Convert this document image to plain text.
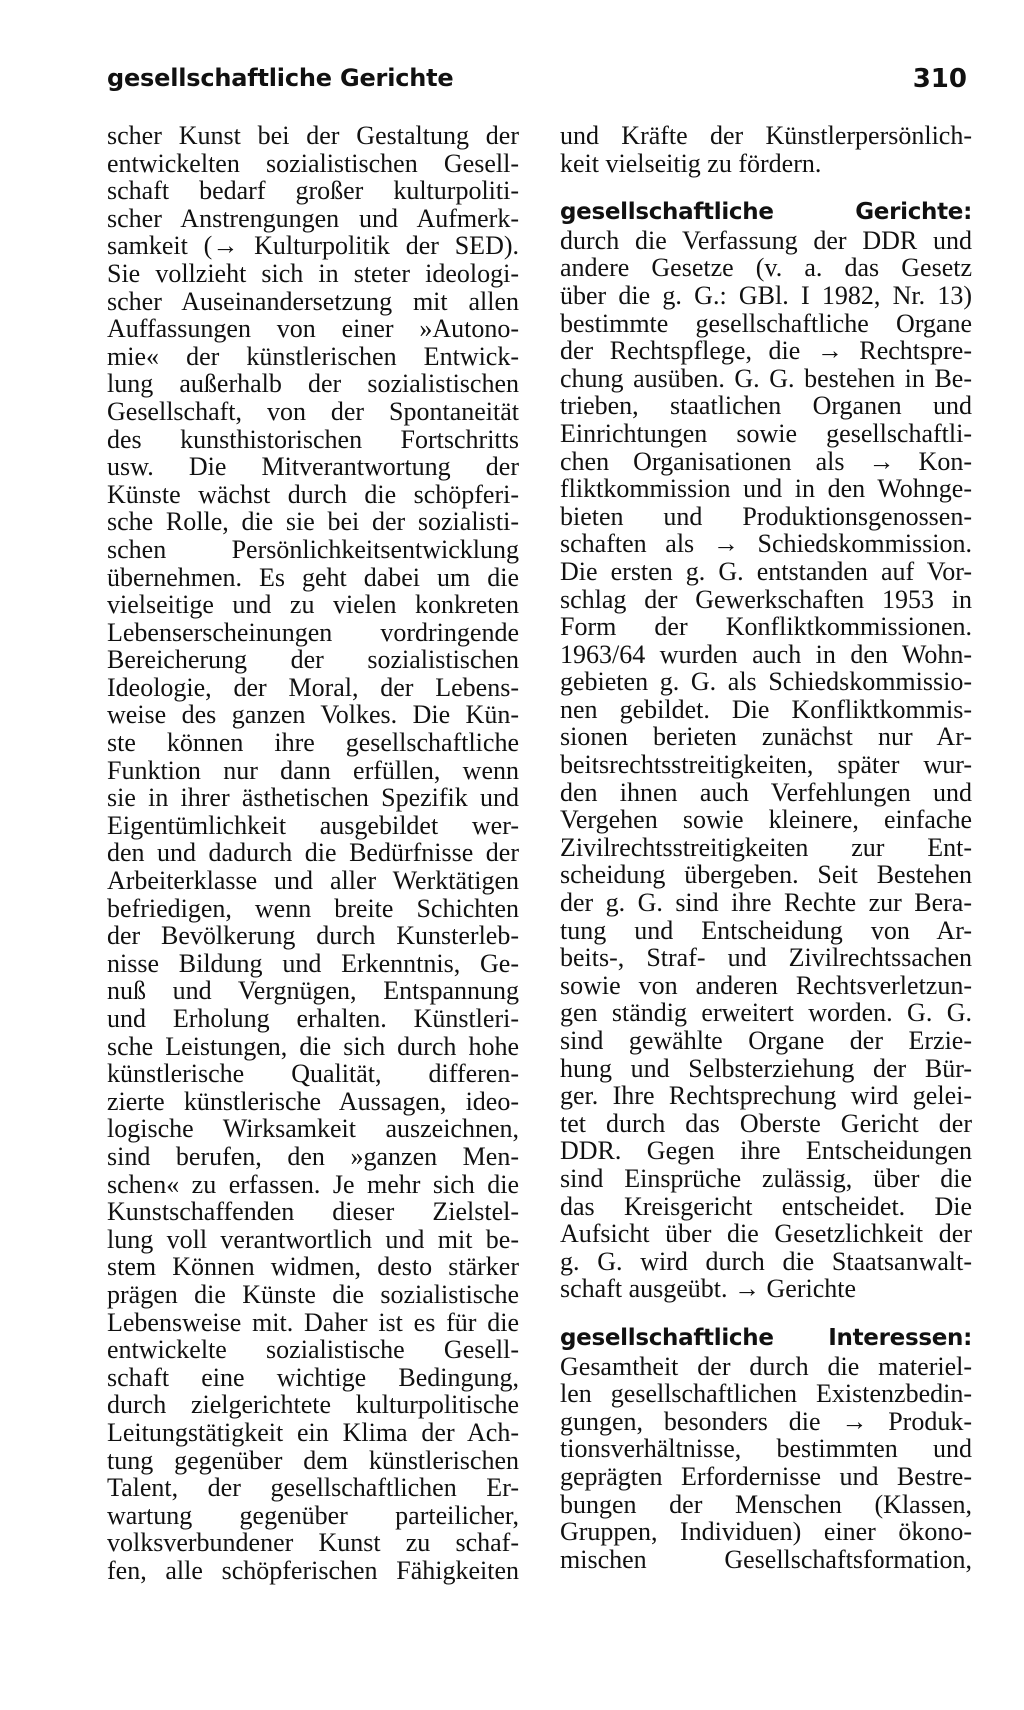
gesellschaftliche Gerichte	310
scher Kunst bei der Gestaltung der
entwickelten sozialistischen Gesell-
schaft bedarf großer kulturpoliti-
scher Anstrengungen und Aufmerk-
samkeit (→ Kulturpolitik der SED).
Sie vollzieht sich in steter ideologi-
scher Auseinandersetzung mit allen
Auffassungen von einer »Autono-
mie« der künstlerischen Entwick-
lung außerhalb der sozialistischen
Gesellschaft, von der Spontaneität
des kunsthistorischen Fortschritts
usw. Die Mitverantwortung der
Künste wächst durch die schöpferi-
sche Rolle, die sie bei der sozialisti-
schen Persönlichkeitsentwicklung
übernehmen. Es geht dabei um die
vielseitige und zu vielen konkreten
Lebenserscheinungen vordringende
Bereicherung der sozialistischen
Ideologie, der Moral, der Lebens-
weise des ganzen Volkes. Die Kün-
ste können ihre gesellschaftliche
Funktion nur dann erfüllen, wenn
sie in ihrer ästhetischen Spezifik und
Eigentümlichkeit ausgebildet wer-
den und dadurch die Bedürfnisse der
Arbeiterklasse und aller Werktätigen
befriedigen, wenn breite Schichten
der Bevölkerung durch Kunsterleb-
nisse Bildung und Erkenntnis, Ge-
nuß und Vergnügen, Entspannung
und Erholung erhalten. Künstleri-
sche Leistungen, die sich durch hohe
künstlerische Qualität, differen-
zierte künstlerische Aussagen, ideo-
logische Wirksamkeit auszeichnen,
sind berufen, den »ganzen Men-
schen« zu erfassen. Je mehr sich die
Kunstschaffenden dieser Zielstel-
lung voll verantwortlich und mit be-
stem Können widmen, desto stärker
prägen die Künste die sozialistische
Lebensweise mit. Daher ist es für die
entwickelte sozialistische Gesell-
schaft eine wichtige Bedingung,
durch zielgerichtete kulturpolitische
Leitungstätigkeit ein Klima der Ach-
tung gegenüber dem künstlerischen
Talent, der gesellschaftlichen Er-
wartung gegenüber parteilicher,
volksverbundener Kunst zu schaf-
fen, alle schöpferischen Fähigkeiten
und Kräfte der Künstlerpersönlich-
keit vielseitig zu fördern.
gesellschaftliche Gerichte:
durch die Verfassung der DDR und
andere Gesetze (v. a. das Gesetz
über die g. G.: GBl. I 1982, Nr. 13)
bestimmte gesellschaftliche Organe
der Rechtspflege, die → Rechtspre-
chung ausüben. G. G. bestehen in Be-
trieben, staatlichen Organen und
Einrichtungen sowie gesellschaftli-
chen Organisationen als → Kon-
fliktkommission und in den Wohnge-
bieten und Produktionsgenossen-
schaften als → Schiedskommission.
Die ersten g. G. entstanden auf Vor-
schlag der Gewerkschaften 1953 in
Form der Konfliktkommissionen.
1963/64 wurden auch in den Wohn-
gebieten g. G. als Schiedskommissio-
nen gebildet. Die Konfliktkommis-
sionen berieten zunächst nur Ar-
beitsrechtsstreitigkeiten, später wur-
den ihnen auch Verfehlungen und
Vergehen sowie kleinere, einfache
Zivilrechtsstreitigkeiten zur Ent-
scheidung übergeben. Seit Bestehen
der g. G. sind ihre Rechte zur Bera-
tung und Entscheidung von Ar-
beits-, Straf- und Zivilrechtssachen
sowie von anderen Rechtsverletzun-
gen ständig erweitert worden. G. G.
sind gewählte Organe der Erzie-
hung und Selbsterziehung der Bür-
ger. Ihre Rechtsprechung wird gelei-
tet durch das Oberste Gericht der
DDR. Gegen ihre Entscheidungen
sind Einsprüche zulässig, über die
das Kreisgericht entscheidet. Die
Aufsicht über die Gesetzlichkeit der
g. G. wird durch die Staatsanwalt-
schaft ausgeübt. → Gerichte
gesellschaftliche Interessen:
Gesamtheit der durch die materiel-
len gesellschaftlichen Existenzbedin-
gungen, besonders die → Produk-
tionsverhältnisse, bestimmten und
geprägten Erfordernisse und Bestre-
bungen der Menschen (Klassen,
Gruppen, Individuen) einer ökono-
mischen Gesellschaftsformation,
